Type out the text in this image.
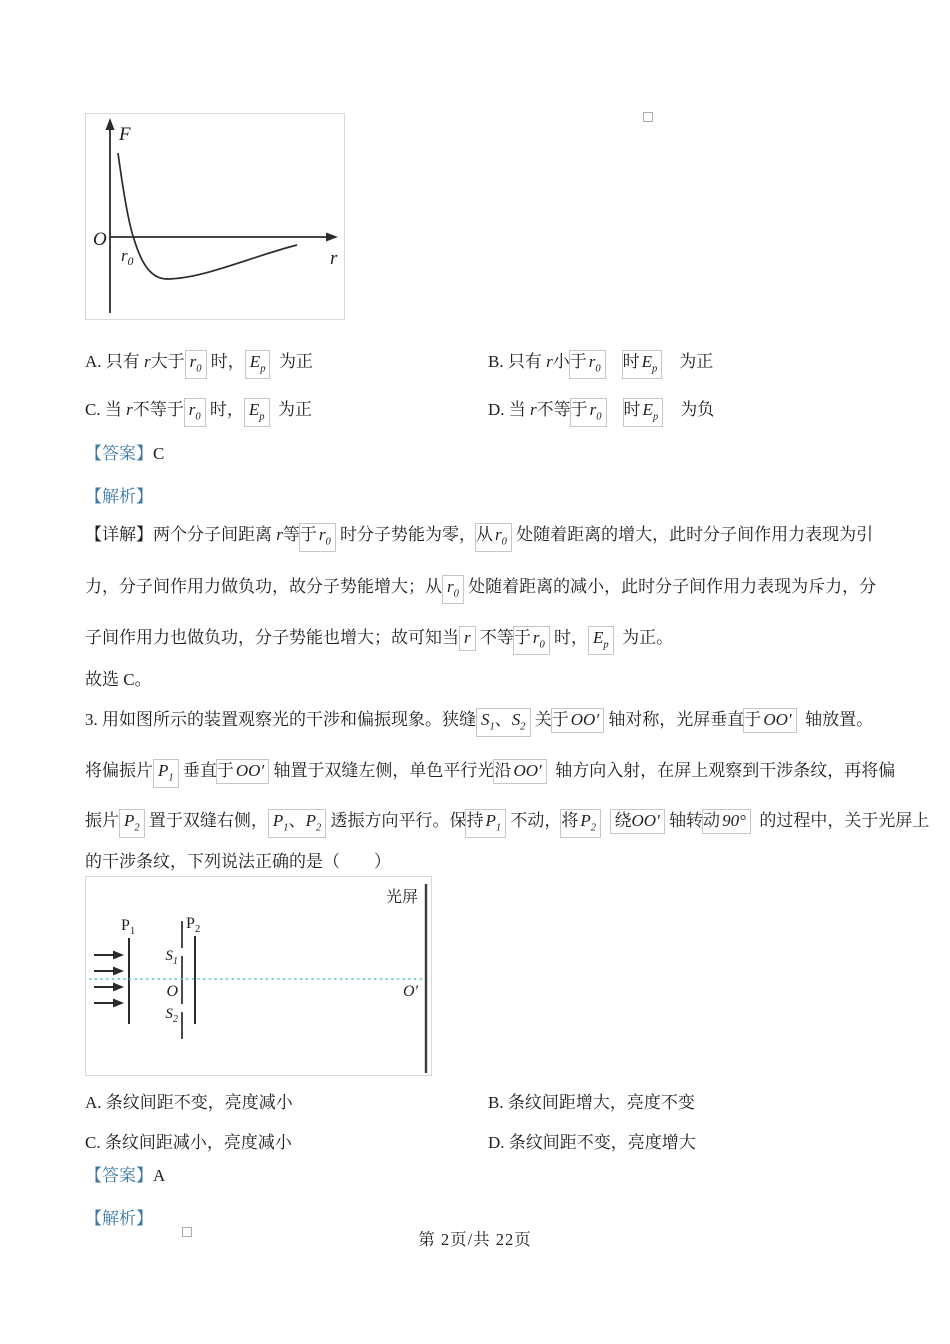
F
O
$r_0$	r
A. 只有 r大于 $r_0$ 时， $E_p$ 为正	B. 只有 r小于 $r_0$ 时 $E_p$ 为正
C. 当 r不等于 $r_0$ 时， $E_p$ 为正	D. 当 r不等于 $r_0$ 时 $E_p$ 为负
【答案】C
【解析】
【详解】两个分子间距离 r等于 $r_0$ 时分子势能为零，从 $r_0$ 处随着距离的增大，此时分子间作用力表现为引
力，分子间作用力做负功，故分子势能增大；从 $r_0$ 处随着距离的减小，此时分子间作用力表现为斥力，分
子间作用力也做负功，分子势能也增大；故可知当 r 不等于 $r_0$ 时， $E_p$ 为正。
故选 C。
3. 用如图所示的装置观察光的干涉和偏振现象。狭缝 $S_1$、$S_2$ 关于 OO′ 轴对称，光屏垂直于 OO′ 轴放置。
将偏振片 $P_1$ 垂直于 OO′ 轴置于双缝左侧，单色平行光沿 OO′ 轴方向入射，在屏上观察到干涉条纹，再将偏
振片 $P_2$ 置于双缝右侧， $P_1$、$P_2$ 透振方向平行。保持 $P_1$ 不动，将 $P_2$  绕OO′ 轴转动 90° 的过程中，关于光屏上
的干涉条纹，下列说法正确的是（　　）
光屏
$P_1$
$S_1$
O
$S_2$
$P_2$
O′
A. 条纹间距不变，亮度减小	B. 条纹间距增大，亮度不变
C. 条纹间距减小，亮度减小	D. 条纹间距不变，亮度增大
【答案】A
【解析】
第 2页/共 22页
